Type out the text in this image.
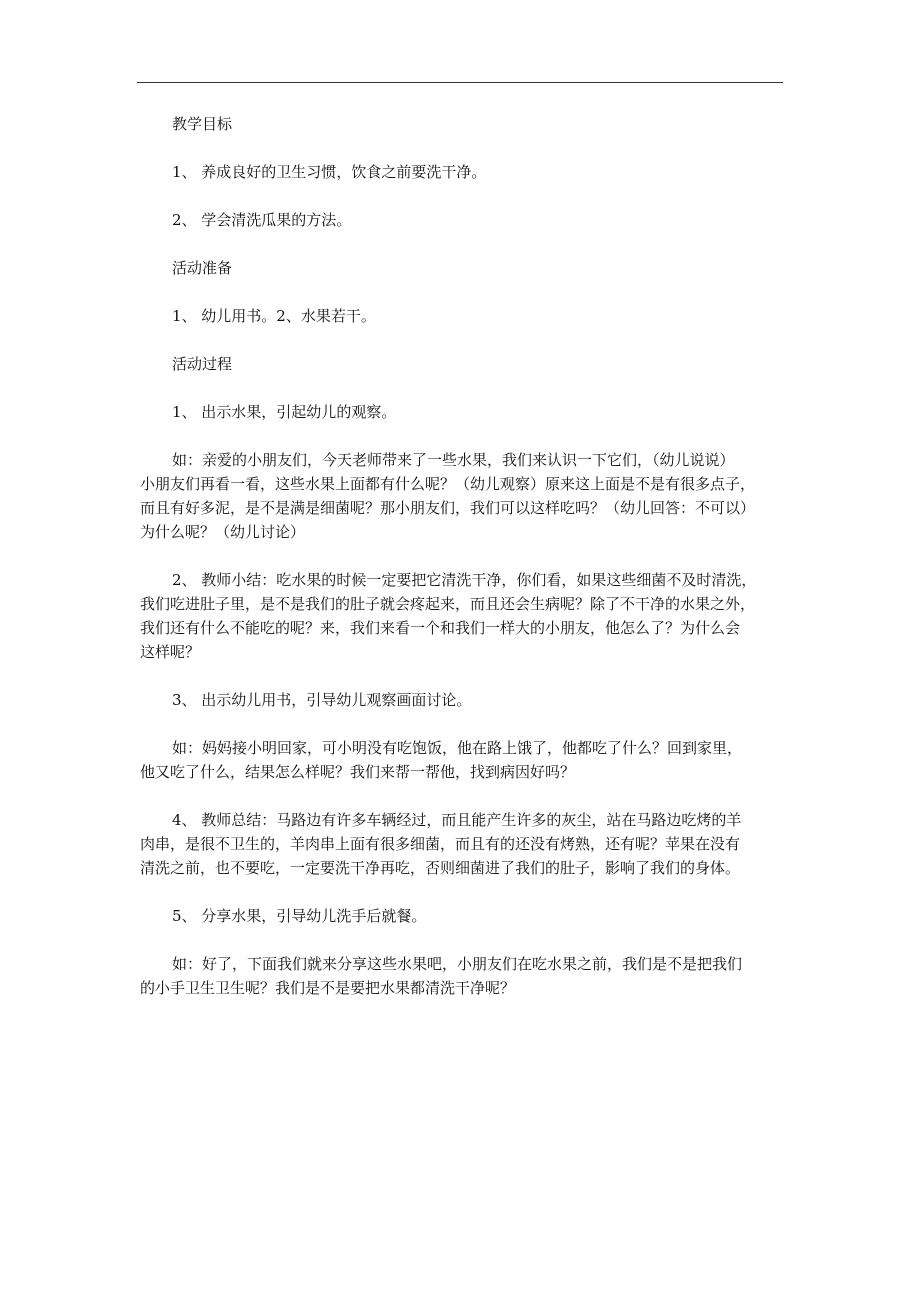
教学目标
1、 养成良好的卫生习惯，饮食之前要洗干净。
2、 学会清洗瓜果的方法。
活动准备
1、 幼儿用书。2、水果若干。
活动过程
1、 出示水果，引起幼儿的观察。
如：亲爱的小朋友们，今天老师带来了一些水果，我们来认识一下它们，（幼儿说说）
小朋友们再看一看，这些水果上面都有什么呢？（幼儿观察）原来这上面是不是有很多点子，
而且有好多泥，是不是满是细菌呢？那小朋友们，我们可以这样吃吗？（幼儿回答：不可以）
为什么呢？（幼儿讨论）
2、 教师小结：吃水果的时候一定要把它清洗干净，你们看，如果这些细菌不及时清洗，
我们吃进肚子里，是不是我们的肚子就会疼起来，而且还会生病呢？除了不干净的水果之外，
我们还有什么不能吃的呢？来，我们来看一个和我们一样大的小朋友，他怎么了？为什么会
这样呢？
3、 出示幼儿用书，引导幼儿观察画面讨论。
如：妈妈接小明回家，可小明没有吃饱饭，他在路上饿了，他都吃了什么？回到家里，
他又吃了什么，结果怎么样呢？我们来帮一帮他，找到病因好吗？
4、 教师总结：马路边有许多车辆经过，而且能产生许多的灰尘，站在马路边吃烤的羊
肉串，是很不卫生的，羊肉串上面有很多细菌，而且有的还没有烤熟，还有呢？苹果在没有
清洗之前，也不要吃，一定要洗干净再吃，否则细菌进了我们的肚子，影响了我们的身体。
5、 分享水果，引导幼儿洗手后就餐。
如：好了，下面我们就来分享这些水果吧，小朋友们在吃水果之前，我们是不是把我们
的小手卫生卫生呢？我们是不是要把水果都清洗干净呢？
